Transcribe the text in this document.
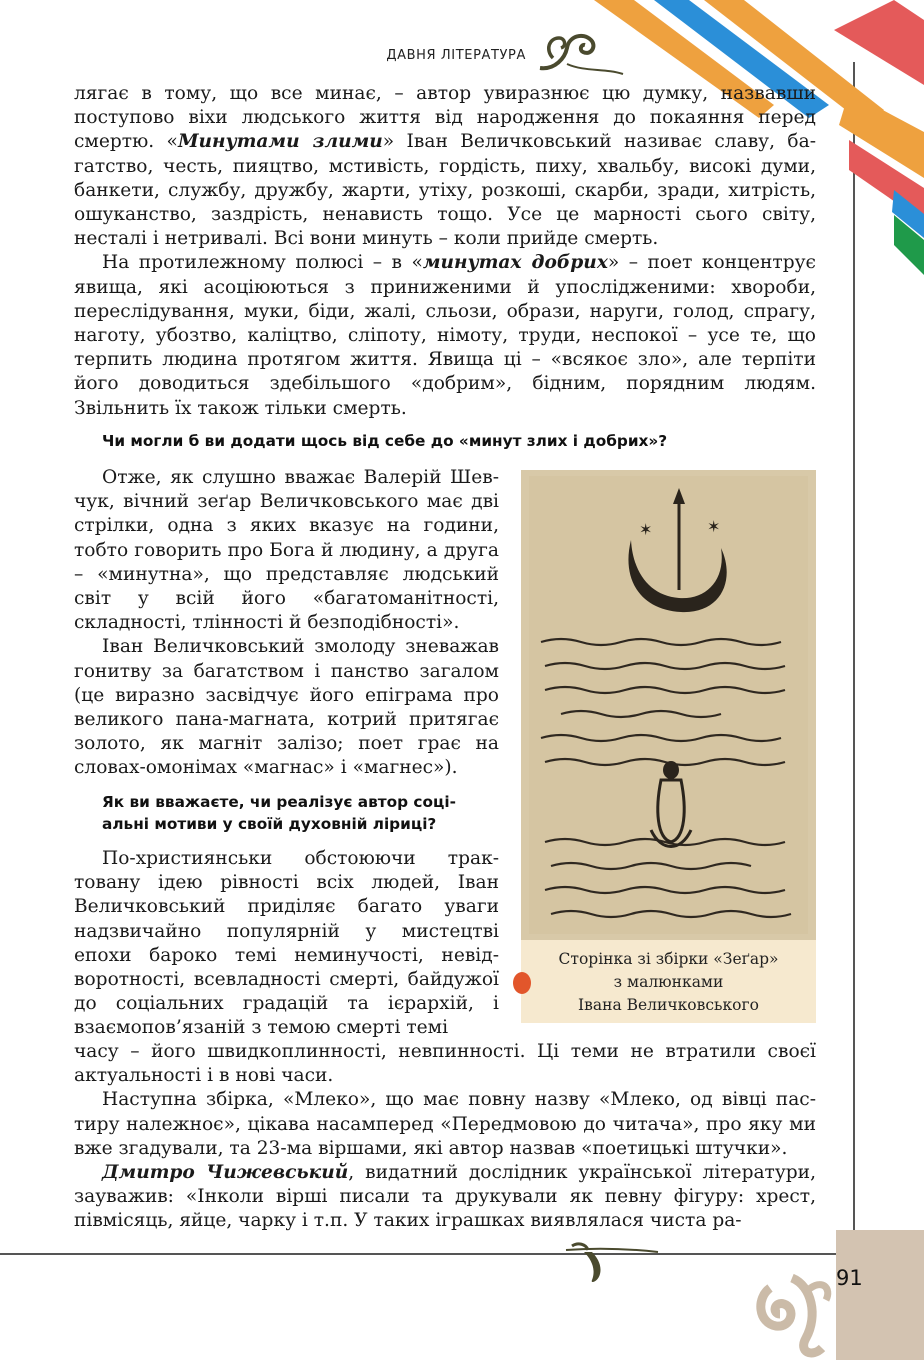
ДАВНЯ ЛІТЕРАТУРА

лягає в тому, що все минає, – автор увиразнює цю думку, назвавши поступово віхи людського життя від народження до покаяння перед смертю. «Минутами злими» Іван Величковський називає славу, ба- гатство, честь, пияцтво, мстивість, гордість, пиху, хвальбу, високі думи, банкети, службу, дружбу, жарти, утіху, розкоші, скарби, зради, хитрість, ошуканство, заздрість, ненависть тощо. Усе це марності сього світу, несталі і нетривалі. Всі вони минуть – коли прийде смерть.

На протилежному полюсі – в «минутах добрих» – поет концентрує явища, які асоціюються з приниженими й упослідженими: хвороби, переслідування, муки, біди, жалі, сльози, образи, наруги, голод, спрагу, наготу, убозтво, каліцтво, сліпоту, німоту, труди, неспокої – усе те, що терпить людина протягом життя. Явища ці – «всякоє зло», але терпіти його доводиться здебільшого «добрим», бідним, порядним людям. Звільнить їх також тільки смерть.

Чи могли б ви додати щось від себе до «минут злих і добрих»?

Отже, як слушно вважає Валерій Шевчук, вічний зеґар Величковського має дві стрілки, одна з яких вказує на години, тобто говорить про Бога й людину, а друга – «минутна», що представляє людський світ у всій його «багатоманітності, складності, тлінності й безподібності».

Іван Величковський змолоду зневажав гонитву за багатством і панство загалом (це виразно засвідчує його епіграма про великого пана-магната, котрий притягає золото, як магніт залізо; поет грає на словах-омонімах «магнас» і «магнес»).

Як ви вважаєте, чи реалізує автор соці-
альні мотиви у своїй духовній ліриці?

По-християнськи обстоюючи трактовану ідею рівності всіх людей, Іван Величковський приділяє багато уваги надзвичайно популярній у мистецтві епохи бароко темі неминучості, невідворотності, всевладності смерті, байдужої до соціальних градацій та ієрархій, і взаємопов’язаній з темою смерті темі

✶	✶
Сторінка зі збірки «Зеґар»
з малюнками
Івана Величковського

часу – його швидкоплинності, невпинності. Ці теми не втратили своєї актуальності і в нові часи.

Наступна збірка, «Млеко», що має повну назву «Млеко, од вівці пастиру належноє», цікава насамперед «Передмовою до читача», про яку ми вже згадували, та 23-ма віршами, які автор назвав «поетицькі штучки».

Дмитро Чижевський, видатний дослідник української літератури, зауважив: «Інколи вірші писали та друкували як певну фігуру: хрест, півмісяць, яйце, чарку і т.п. У таких іграшках виявлялася чиста ра-

91
